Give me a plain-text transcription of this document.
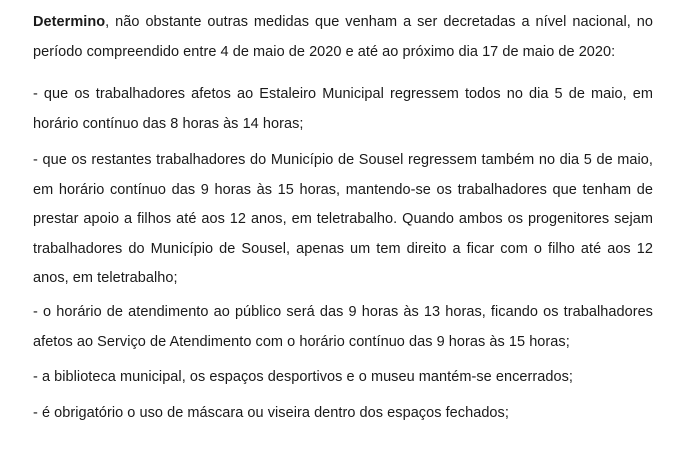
Determino, não obstante outras medidas que venham a ser decretadas a nível nacional, no período compreendido entre 4 de maio de 2020 e até ao próximo dia 17 de maio de 2020:

- que os trabalhadores afetos ao Estaleiro Municipal regressem todos no dia 5 de maio, em horário contínuo das 8 horas às 14 horas;

- que os restantes trabalhadores do Município de Sousel regressem também no dia 5 de maio, em horário contínuo das 9 horas às 15 horas, mantendo-se os trabalhadores que tenham de prestar apoio a filhos até aos 12 anos, em teletrabalho. Quando ambos os progenitores sejam trabalhadores do Município de Sousel, apenas um tem direito a ficar com o filho até aos 12 anos, em teletrabalho;

- o horário de atendimento ao público será das 9 horas às 13 horas, ficando os trabalhadores afetos ao Serviço de Atendimento com o horário contínuo das 9 horas às 15 horas;

- a biblioteca municipal, os espaços desportivos e o museu mantém-se encerrados;

- é obrigatório o uso de máscara ou viseira dentro dos espaços fechados;
